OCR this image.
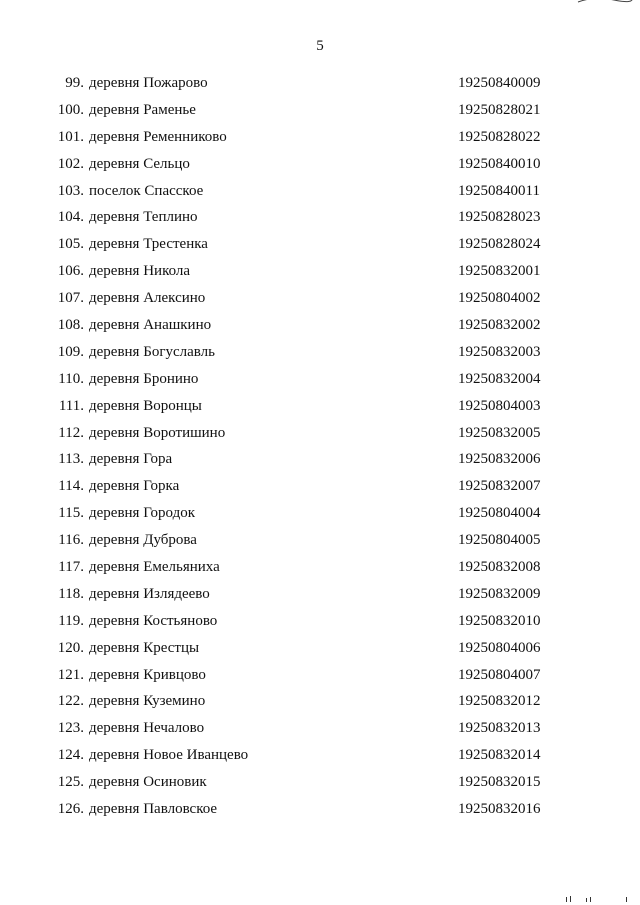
5
99. деревня Пожарово	19250840009
100. деревня Раменье	19250828021
101. деревня Ременниково	19250828022
102. деревня Сельцо	19250840010
103. поселок Спасское	19250840011
104. деревня Теплино	19250828023
105. деревня Трестенка	19250828024
106. деревня Никола	19250832001
107. деревня Алексино	19250804002
108. деревня Анашкино	19250832002
109. деревня Богуславль	19250832003
110. деревня Бронино	19250832004
111. деревня Воронцы	19250804003
112. деревня Воротишино	19250832005
113. деревня Гора	19250832006
114. деревня Горка	19250832007
115. деревня Городок	19250804004
116. деревня Дуброва	19250804005
117. деревня Емельяниха	19250832008
118. деревня Излядеево	19250832009
119. деревня Костьяново	19250832010
120. деревня Крестцы	19250804006
121. деревня Кривцово	19250804007
122. деревня Куземино	19250832012
123. деревня Нечалово	19250832013
124. деревня Новое Иванцево	19250832014
125. деревня Осиновик	19250832015
126. деревня Павловское	19250832016
